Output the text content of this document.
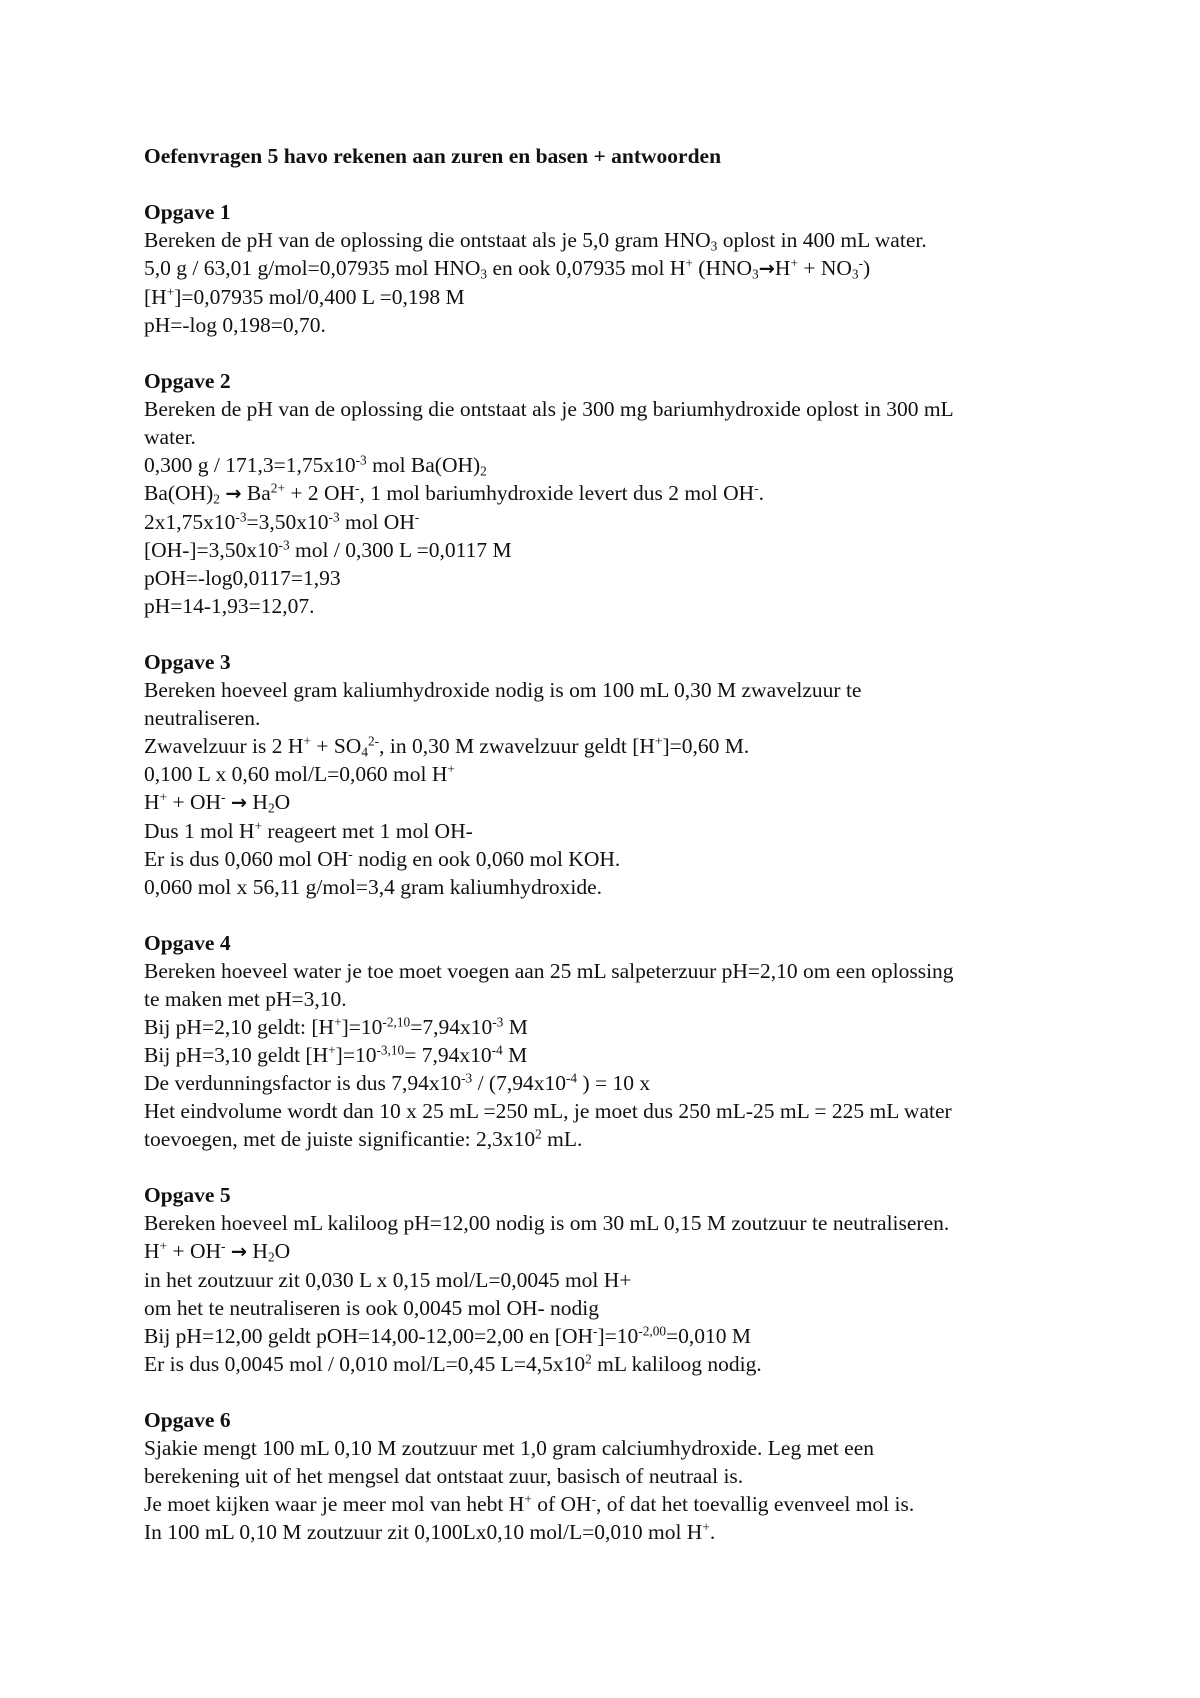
Oefenvragen 5 havo rekenen aan zuren en basen + antwoorden
Opgave 1
Bereken de pH van de oplossing die ontstaat als je 5,0 gram $HNO_3$ oplost in 400 mL water.
5,0 g / 63,01 g/mol=0,07935 mol $HNO_3$ en ook 0,07935 mol H+ $(HNO_3\to H^+ + NO_3^-)$
[H+]=0,07935 mol/0,400 L =0,198 M
pH=-log 0,198=0,70.
Opgave 2
Bereken de pH van de oplossing die ontstaat als je 300 mg bariumhydroxide oplost in 300 mL
water.
0,300 $g / 171,3=1,75x10^{-3}$ mol $Ba(OH)_2$
$Ba(OH)_2 \to Ba^{2+} + 2$ OH-, 1 mol bariumhydroxide levert dus 2 mol OH-.
$2x1,75x10^{-3}=3,50x10^{-3}$ mol OH-
$[OH-]=3,50x10^{-3}$ mol / 0,300 L =0,0117 M
pOH=-log0,0117=1,93
pH=14-1,93=12,07.
Opgave 3
Bereken hoeveel gram kaliumhydroxide nodig is om 100 mL 0,30 M zwavelzuur te
neutraliseren.
Zwavelzuur is 2 $H^+ + SO_4^{2-}$, in 0,30 M zwavelzuur geldt [H+]=0,60 M.
0,100 L x 0,60 mol/L=0,060 mol H+
$H^+ + OH^- \to H_2O$
Dus 1 mol H+ reageert met 1 mol OH-
Er is dus 0,060 mol OH- nodig en ook 0,060 mol KOH.
0,060 mol x 56,11 g/mol=3,4 gram kaliumhydroxide.
Opgave 4
Bereken hoeveel water je toe moet voegen aan 25 mL salpeterzuur pH=2,10 om een oplossing
te maken met pH=3,10.
Bij pH=2,10 geldt: $[H^+]=10^{-2,10}=7,94x10^{-3}$ M
Bij pH=3,10 geldt $[H^+]=10^{-3,10}= 7,94x10^{-4}$ M
De verdunningsfactor is dus $7,94x10^{-3} / (7,94x10^{-4}$ ) = 10 x
Het eindvolume wordt dan 10 x 25 mL =250 mL, je moet dus 250 mL-25 mL = 225 mL water
toevoegen, met de juiste significantie: $2,3x10^2$ mL.
Opgave 5
Bereken hoeveel mL kaliloog pH=12,00 nodig is om 30 mL 0,15 M zoutzuur te neutraliseren.
$H^+ + OH^- \to H_2O$
in het zoutzuur zit 0,030 L x 0,15 mol/L=0,0045 mol H+
om het te neutraliseren is ook 0,0045 mol OH- nodig
Bij pH=12,00 geldt pOH=14,00-12,00=2,00 en $[OH^-]=10^{-2,00}=0,010$ M
Er is dus 0,0045 mol / 0,010 mol/L=0,45 $L=4,5x10^2$ mL kaliloog nodig.
Opgave 6
Sjakie mengt 100 mL 0,10 M zoutzuur met 1,0 gram calciumhydroxide. Leg met een
berekening uit of het mengsel dat ontstaat zuur, basisch of neutraal is.
Je moet kijken waar je meer mol van hebt H+ of OH-, of dat het toevallig evenveel mol is.
In 100 mL 0,10 M zoutzuur zit 0,100Lx0,10 mol/L=0,010 mol H+.
